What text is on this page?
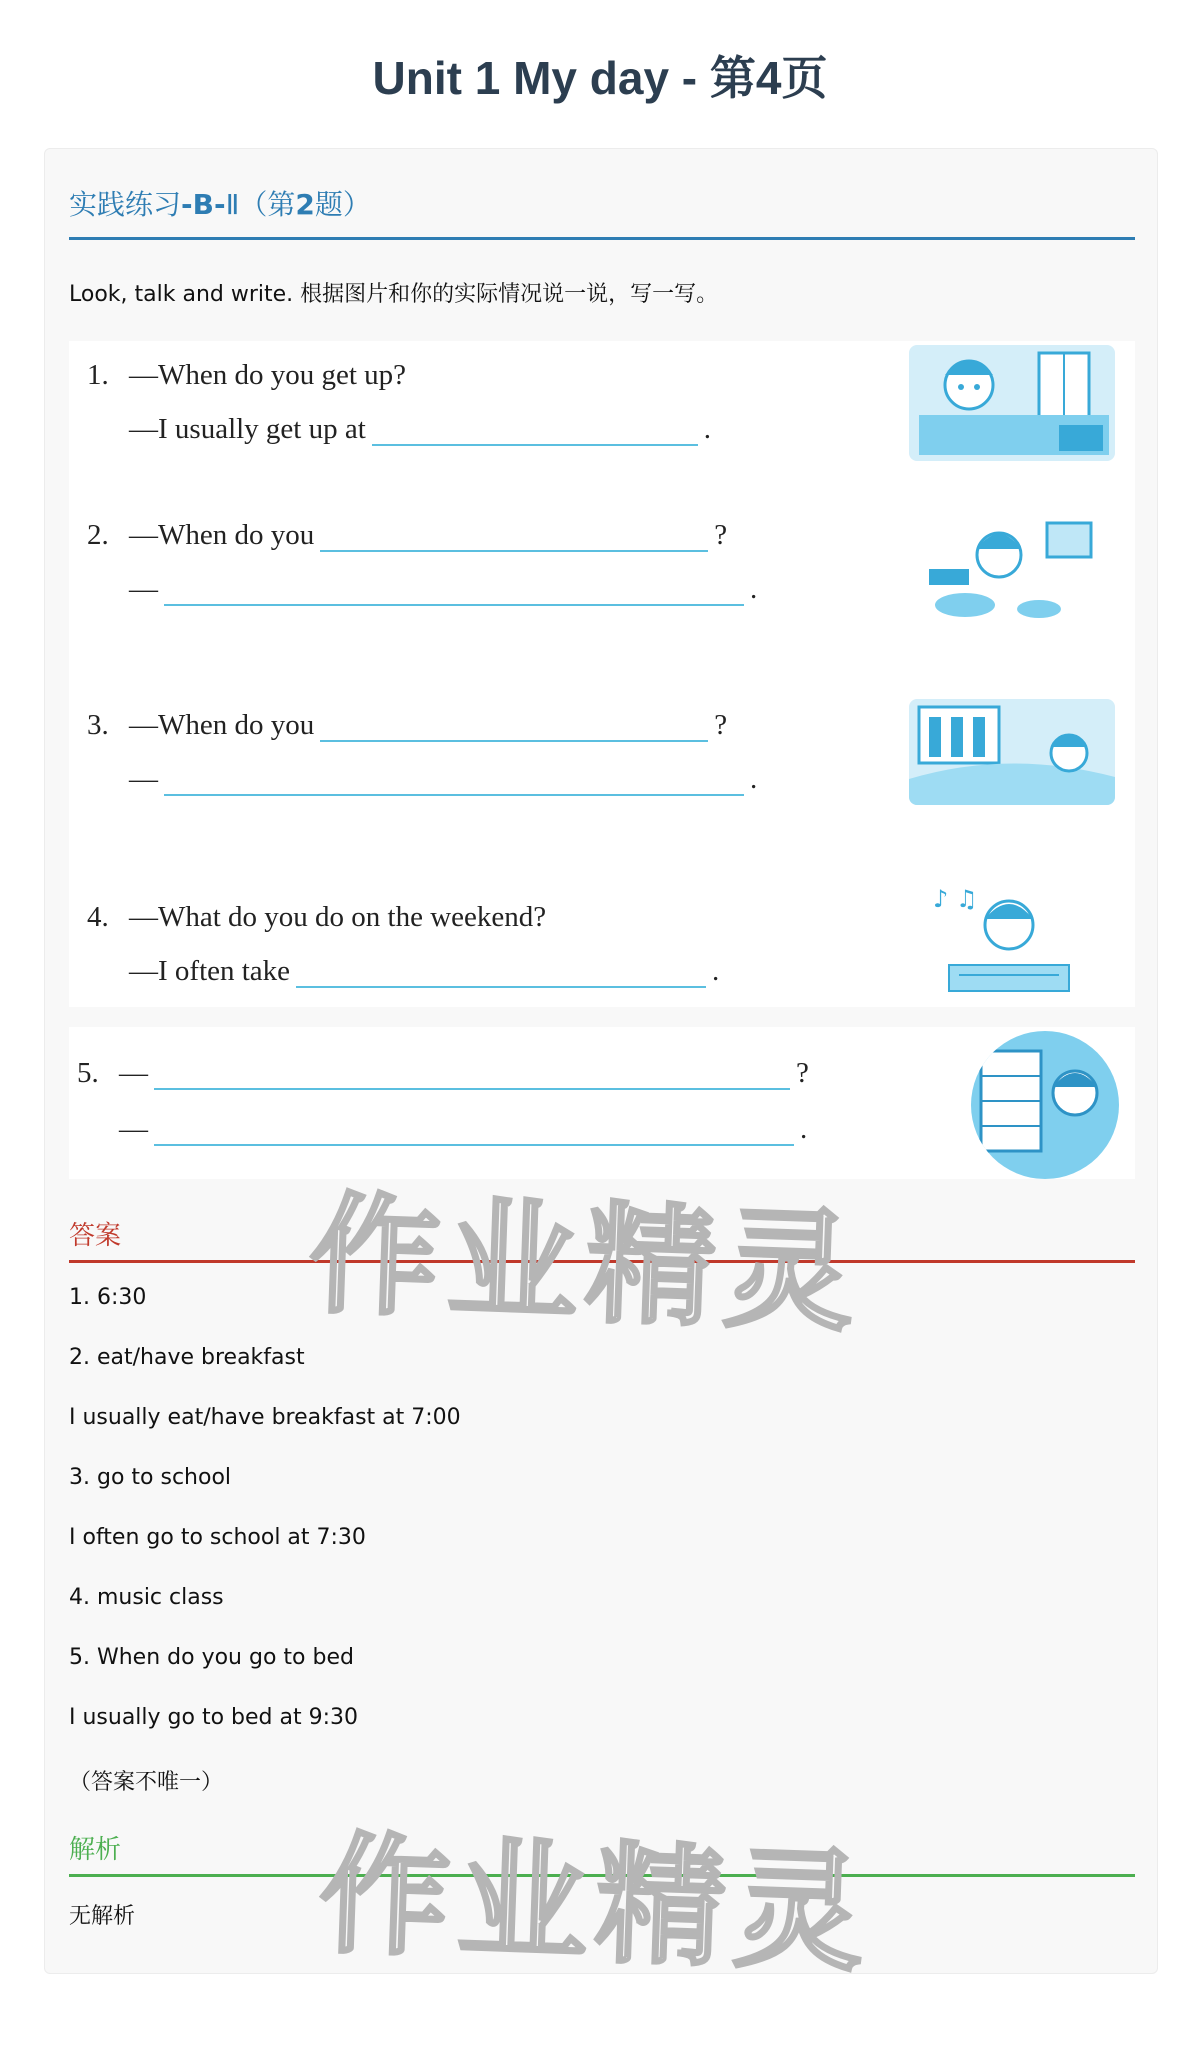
Unit 1 My day - 第4页
实践练习-B-Ⅱ（第2题）
Look, talk and write. 根据图片和你的实际情况说一说，写一写。
1. —When do you get up?
—I usually get up at	.
2. —When do you	?
—	.
3. —When do you	?
—	.
4. —What do you do on the weekend?
—I often take	.
♪ ♫
5. —	?
—	.
答案
1. 6:30
2. eat/have breakfast
I usually eat/have breakfast at 7:00
3. go to school
I often go to school at 7:30
4. music class
5. When do you go to bed
I usually go to bed at 9:30
（答案不唯一）
解析
无解析
作业精灵
作业精灵
